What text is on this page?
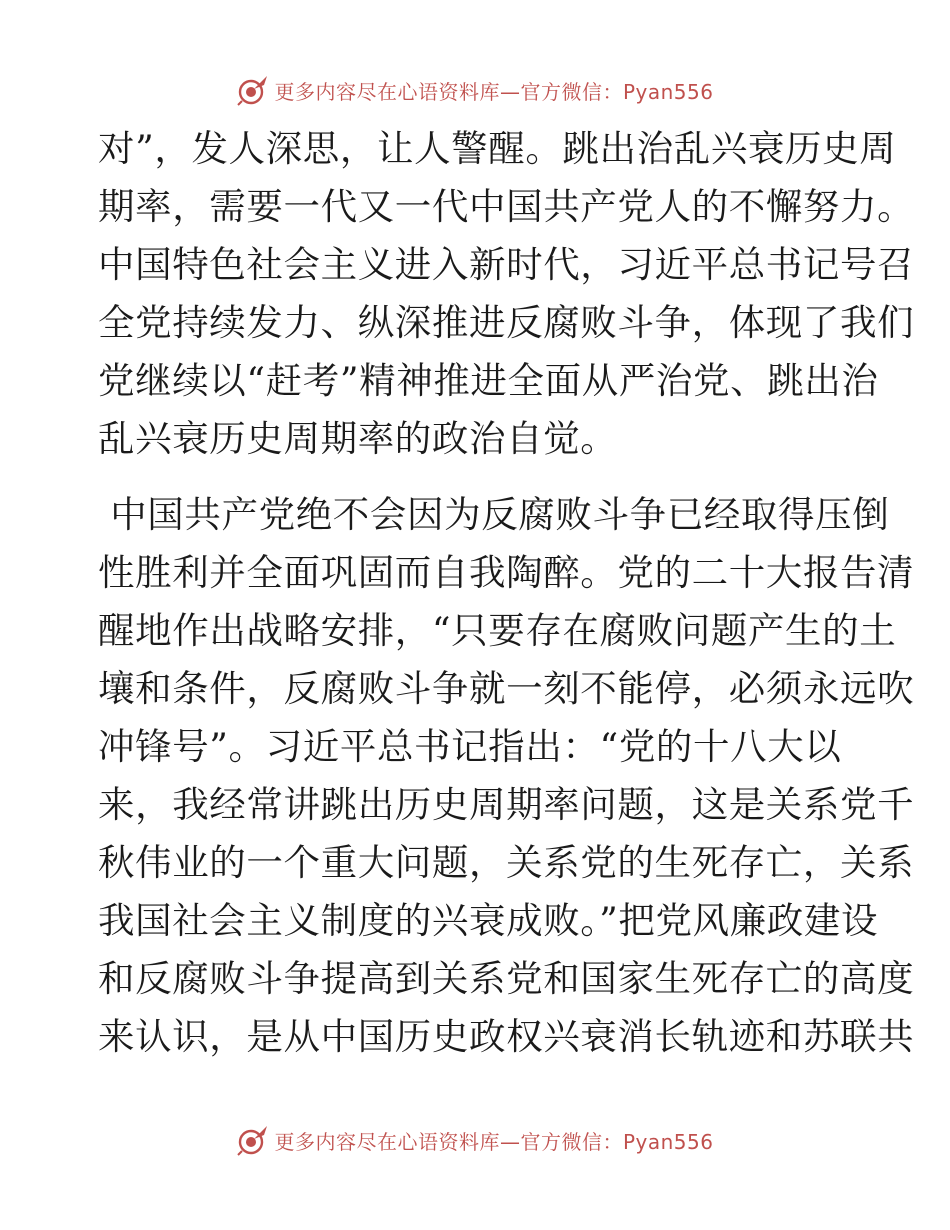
更多内容尽在心语资料库—官方微信：Pyan556
对”，发人深思，让人警醒。跳出治乱兴衰历史周
期率，需要一代又一代中国共产党人的不懈努力。
中国特色社会主义进入新时代，习近平总书记号召
全党持续发力、纵深推进反腐败斗争，体现了我们
党继续以“赶考”精神推进全面从严治党、跳出治
乱兴衰历史周期率的政治自觉。
中国共产党绝不会因为反腐败斗争已经取得压倒
性胜利并全面巩固而自我陶醉。党的二十大报告清
醒地作出战略安排，“只要存在腐败问题产生的土
壤和条件，反腐败斗争就一刻不能停，必须永远吹
冲锋号”。习近平总书记指出：“党的十八大以
来，我经常讲跳出历史周期率问题，这是关系党千
秋伟业的一个重大问题，关系党的生死存亡，关系
我国社会主义制度的兴衰成败。”把党风廉政建设
和反腐败斗争提高到关系党和国家生死存亡的高度
来认识，是从中国历史政权兴衰消长轨迹和苏联共
更多内容尽在心语资料库—官方微信：Pyan556
